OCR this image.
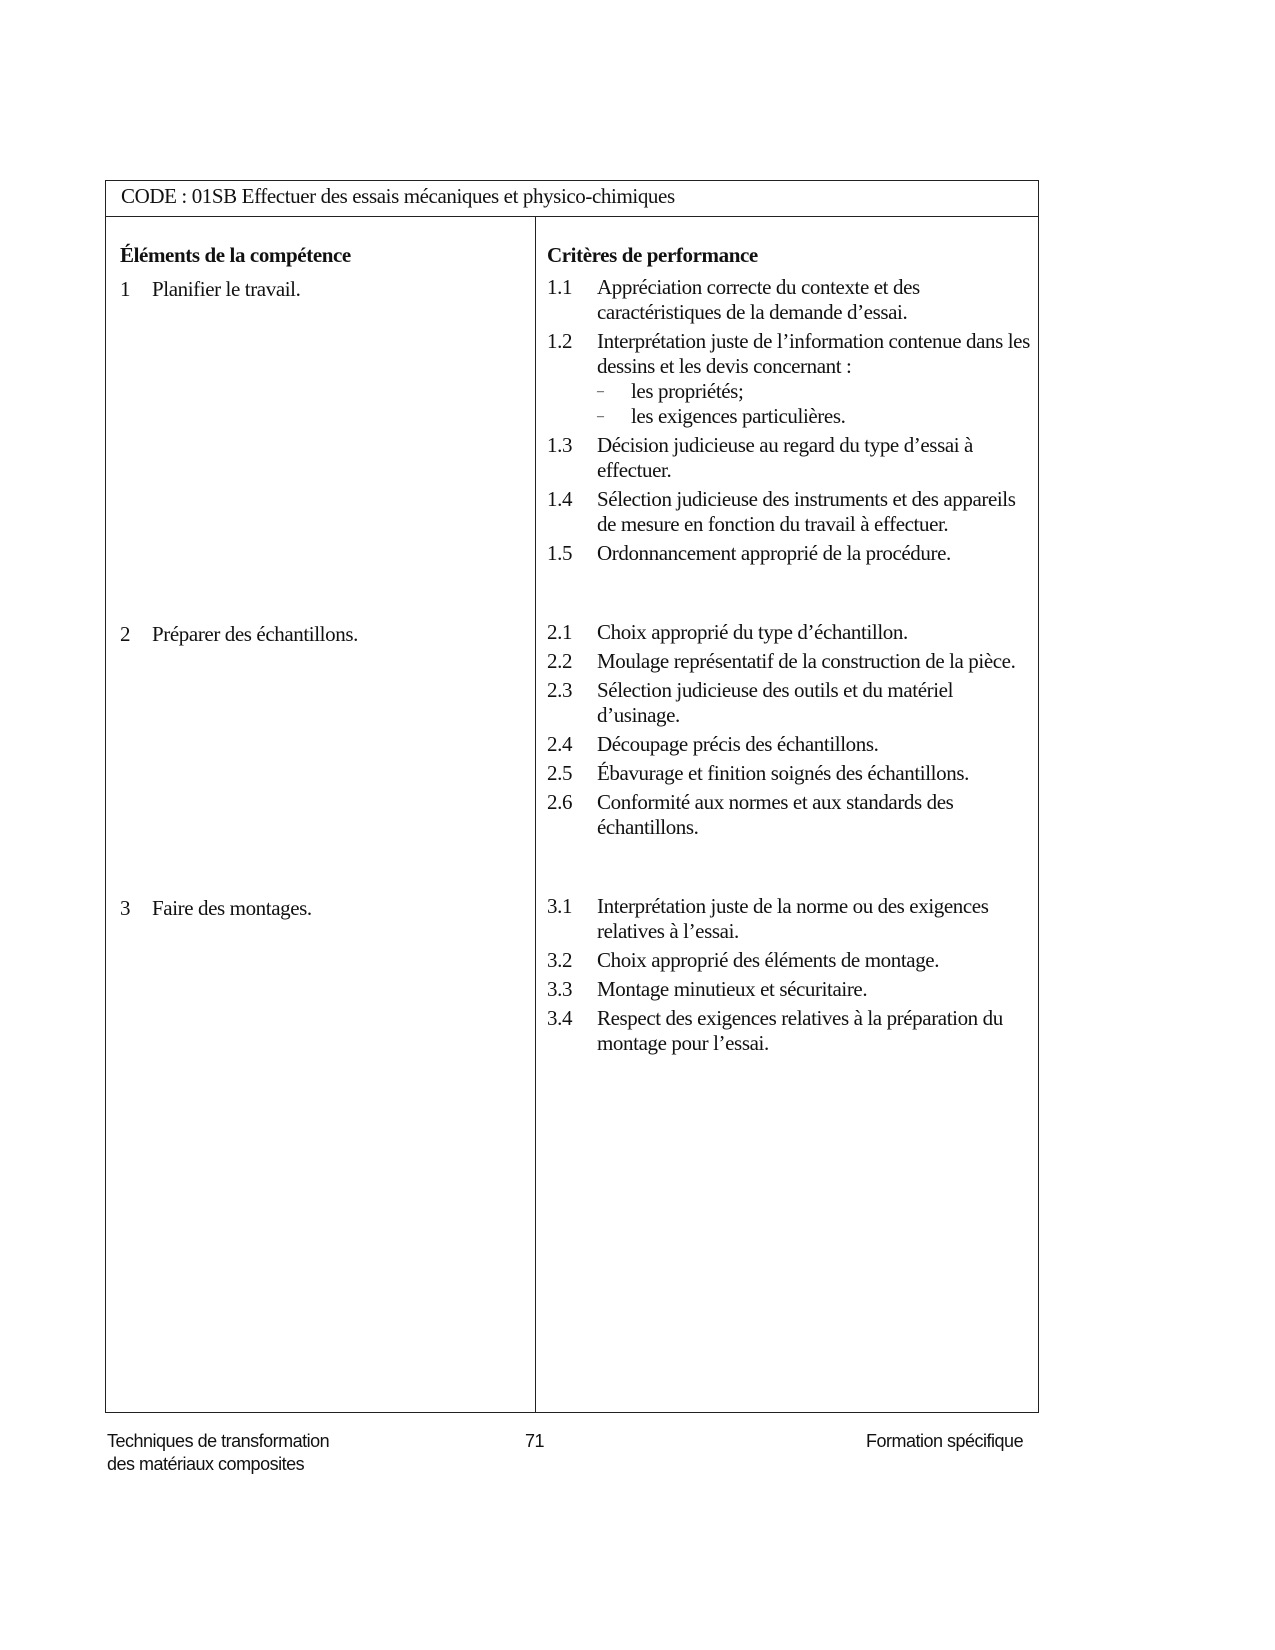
CODE : 01SB Effectuer des essais mécaniques et physico-chimiques
Éléments de la compétence	Critères de performance
1 Planifier le travail.	1.1 Appréciation correcte du contexte et des caractéristiques de la demande d’essai.
1.2 Interprétation juste de l’information contenue dans les dessins et les devis concernant :
– les propriétés;
– les exigences particulières.
1.3 Décision judicieuse au regard du type d’essai à effectuer.
1.4 Sélection judicieuse des instruments et des appareils de mesure en fonction du travail à effectuer.
1.5 Ordonnancement approprié de la procédure.
2 Préparer des échantillons.	2.1 Choix approprié du type d’échantillon.
2.2 Moulage représentatif de la construction de la pièce.
2.3 Sélection judicieuse des outils et du matériel d’usinage.
2.4 Découpage précis des échantillons.
2.5 Ébavurage et finition soignés des échantillons.
2.6 Conformité aux normes et aux standards des échantillons.
3 Faire des montages.	3.1 Interprétation juste de la norme ou des exigences relatives à l’essai.
3.2 Choix approprié des éléments de montage.
3.3 Montage minutieux et sécuritaire.
3.4 Respect des exigences relatives à la préparation du montage pour l’essai.
Techniques de transformation
des matériaux composites
71	Formation spécifique
